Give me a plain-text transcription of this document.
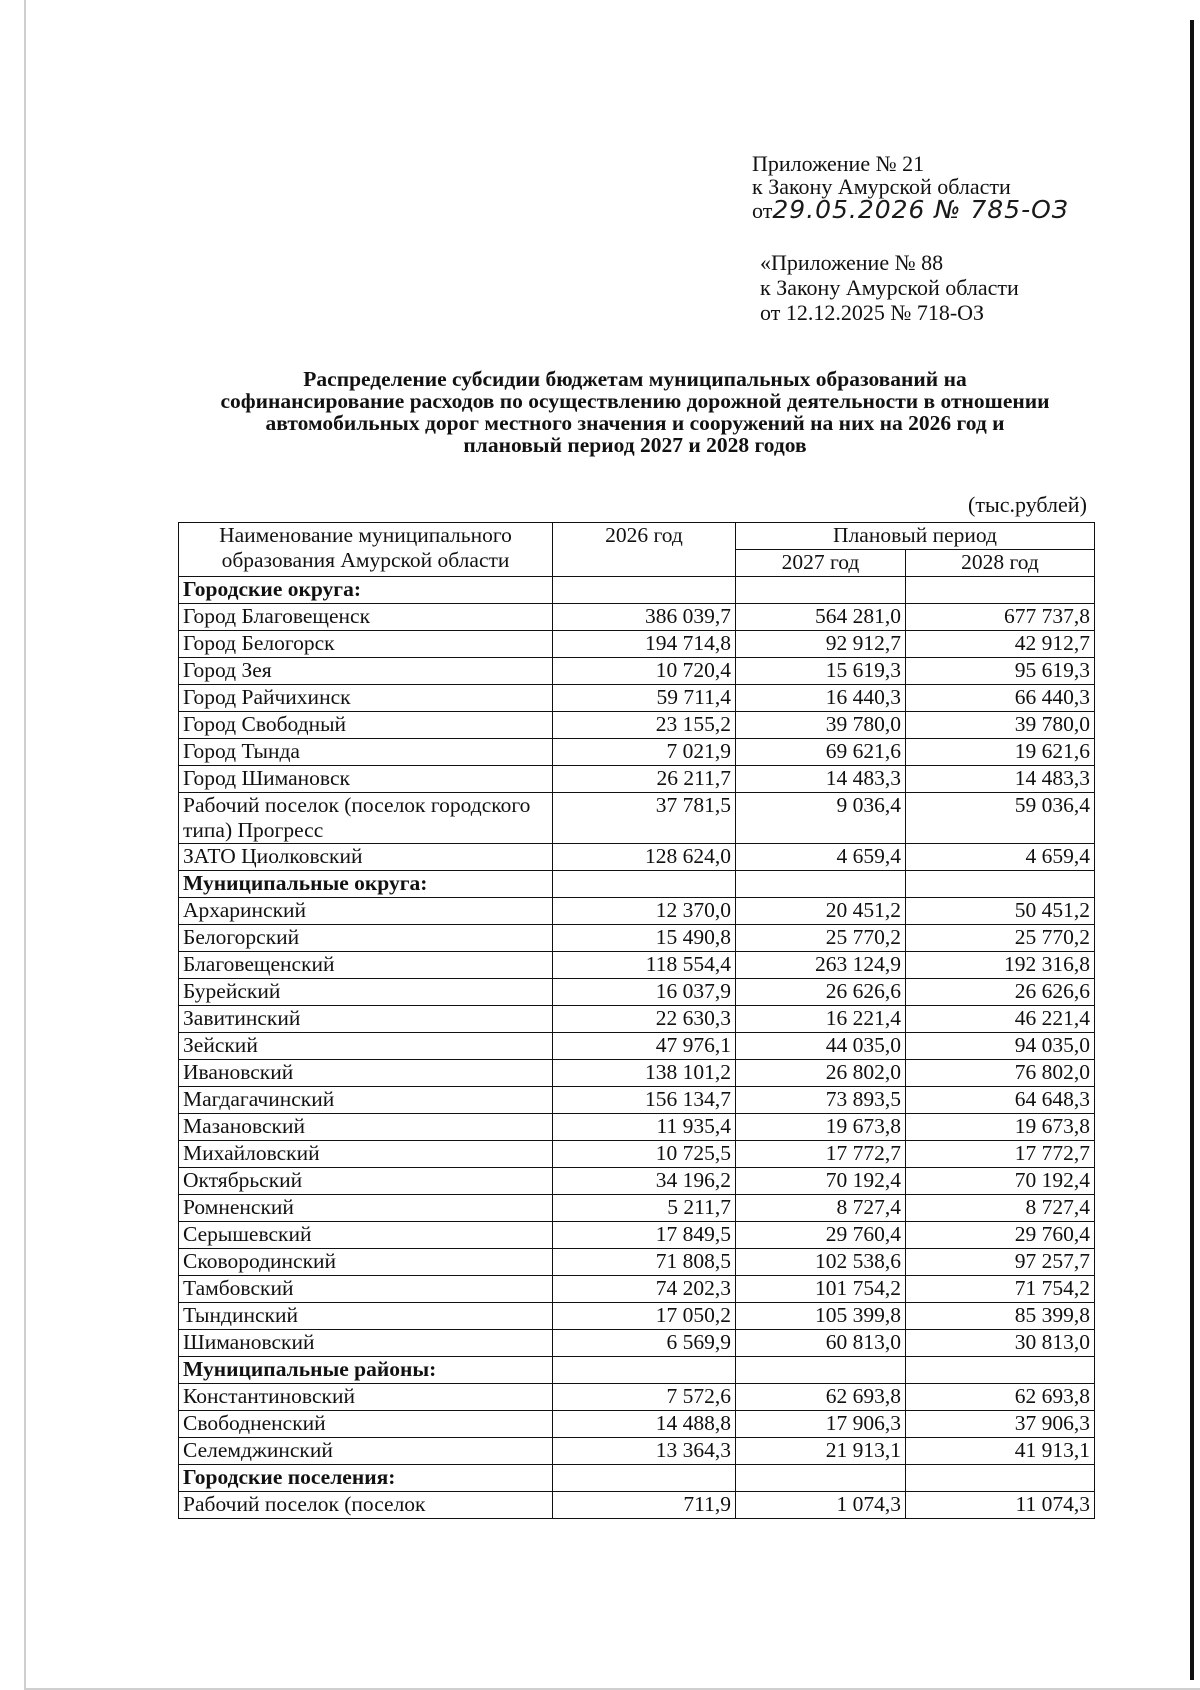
Приложение № 21
к Закону Амурской области
от29.05.2026 № 785-ОЗ
«Приложение № 88
к Закону Амурской области
от 12.12.2025 № 718-ОЗ
Распределение субсидии бюджетам муниципальных образований на
софинансирование расходов по осуществлению дорожной деятельности в отношении
автомобильных дорог местного значения и сооружений на них на 2026 год и
плановый период 2027 и 2028 годов
(тыс.рублей)
Наименование муниципального
образования Амурской области	2026 год	Плановый период	
		2027 год	2028 год
Городские округа:			
Город Благовещенск	386 039,7	564 281,0	677 737,8
Город Белогорск	194 714,8	92 912,7	42 912,7
Город Зея	10 720,4	15 619,3	95 619,3
Город Райчихинск	59 711,4	16 440,3	66 440,3
Город Свободный	23 155,2	39 780,0	39 780,0
Город Тында	7 021,9	69 621,6	19 621,6
Город Шимановск	26 211,7	14 483,3	14 483,3
Рабочий поселок (поселок городского типа) Прогресс	37 781,5	9 036,4	59 036,4
ЗАТО Циолковский	128 624,0	4 659,4	4 659,4
Муниципальные округа:			
Архаринский	12 370,0	20 451,2	50 451,2
Белогорский	15 490,8	25 770,2	25 770,2
Благовещенский	118 554,4	263 124,9	192 316,8
Бурейский	16 037,9	26 626,6	26 626,6
Завитинский	22 630,3	16 221,4	46 221,4
Зейский	47 976,1	44 035,0	94 035,0
Ивановский	138 101,2	26 802,0	76 802,0
Магдагачинский	156 134,7	73 893,5	64 648,3
Мазановский	11 935,4	19 673,8	19 673,8
Михайловский	10 725,5	17 772,7	17 772,7
Октябрьский	34 196,2	70 192,4	70 192,4
Ромненский	5 211,7	8 727,4	8 727,4
Серышевский	17 849,5	29 760,4	29 760,4
Сковородинский	71 808,5	102 538,6	97 257,7
Тамбовский	74 202,3	101 754,2	71 754,2
Тындинский	17 050,2	105 399,8	85 399,8
Шимановский	6 569,9	60 813,0	30 813,0
Муниципальные районы:			
Константиновский	7 572,6	62 693,8	62 693,8
Свободненский	14 488,8	17 906,3	37 906,3
Селемджинский	13 364,3	21 913,1	41 913,1
Городские поселения:			
Рабочий поселок (поселок	711,9	1 074,3	11 074,3
